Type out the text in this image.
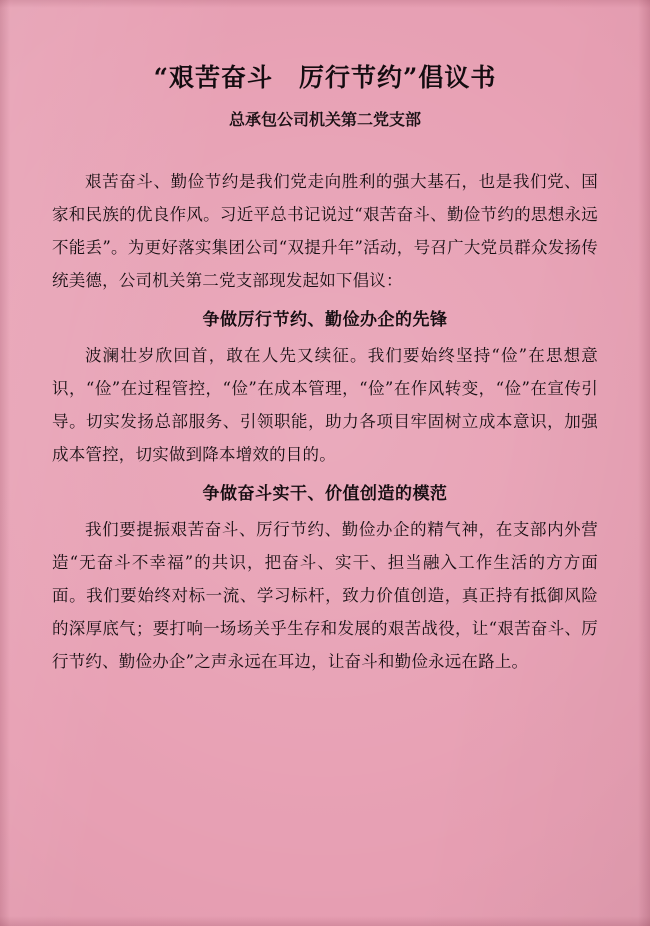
“艰苦奋斗　厉行节约”倡议书
总承包公司机关第二党支部

艰苦奋斗、勤俭节约是我们党走向胜利的强大基石，也是我们党、国家和民族的优良作风。习近平总书记说过“艰苦奋斗、勤俭节约的思想永远不能丢”。为更好落实集团公司“双提升年”活动，号召广大党员群众发扬传统美德，公司机关第二党支部现发起如下倡议：

争做厉行节约、勤俭办企的先锋

波澜壮岁欣回首，敢在人先又续征。我们要始终坚持“俭”在思想意识，“俭”在过程管控，“俭”在成本管理，“俭”在作风转变，“俭”在宣传引导。切实发扬总部服务、引领职能，助力各项目牢固树立成本意识，加强成本管控，切实做到降本增效的目的。

争做奋斗实干、价值创造的模范

我们要提振艰苦奋斗、厉行节约、勤俭办企的精气神，在支部内外营造“无奋斗不幸福”的共识，把奋斗、实干、担当融入工作生活的方方面面。我们要始终对标一流、学习标杆，致力价值创造，真正持有抵御风险的深厚底气；要打响一场场关乎生存和发展的艰苦战役，让“艰苦奋斗、厉行节约、勤俭办企”之声永远在耳边，让奋斗和勤俭永远在路上。
